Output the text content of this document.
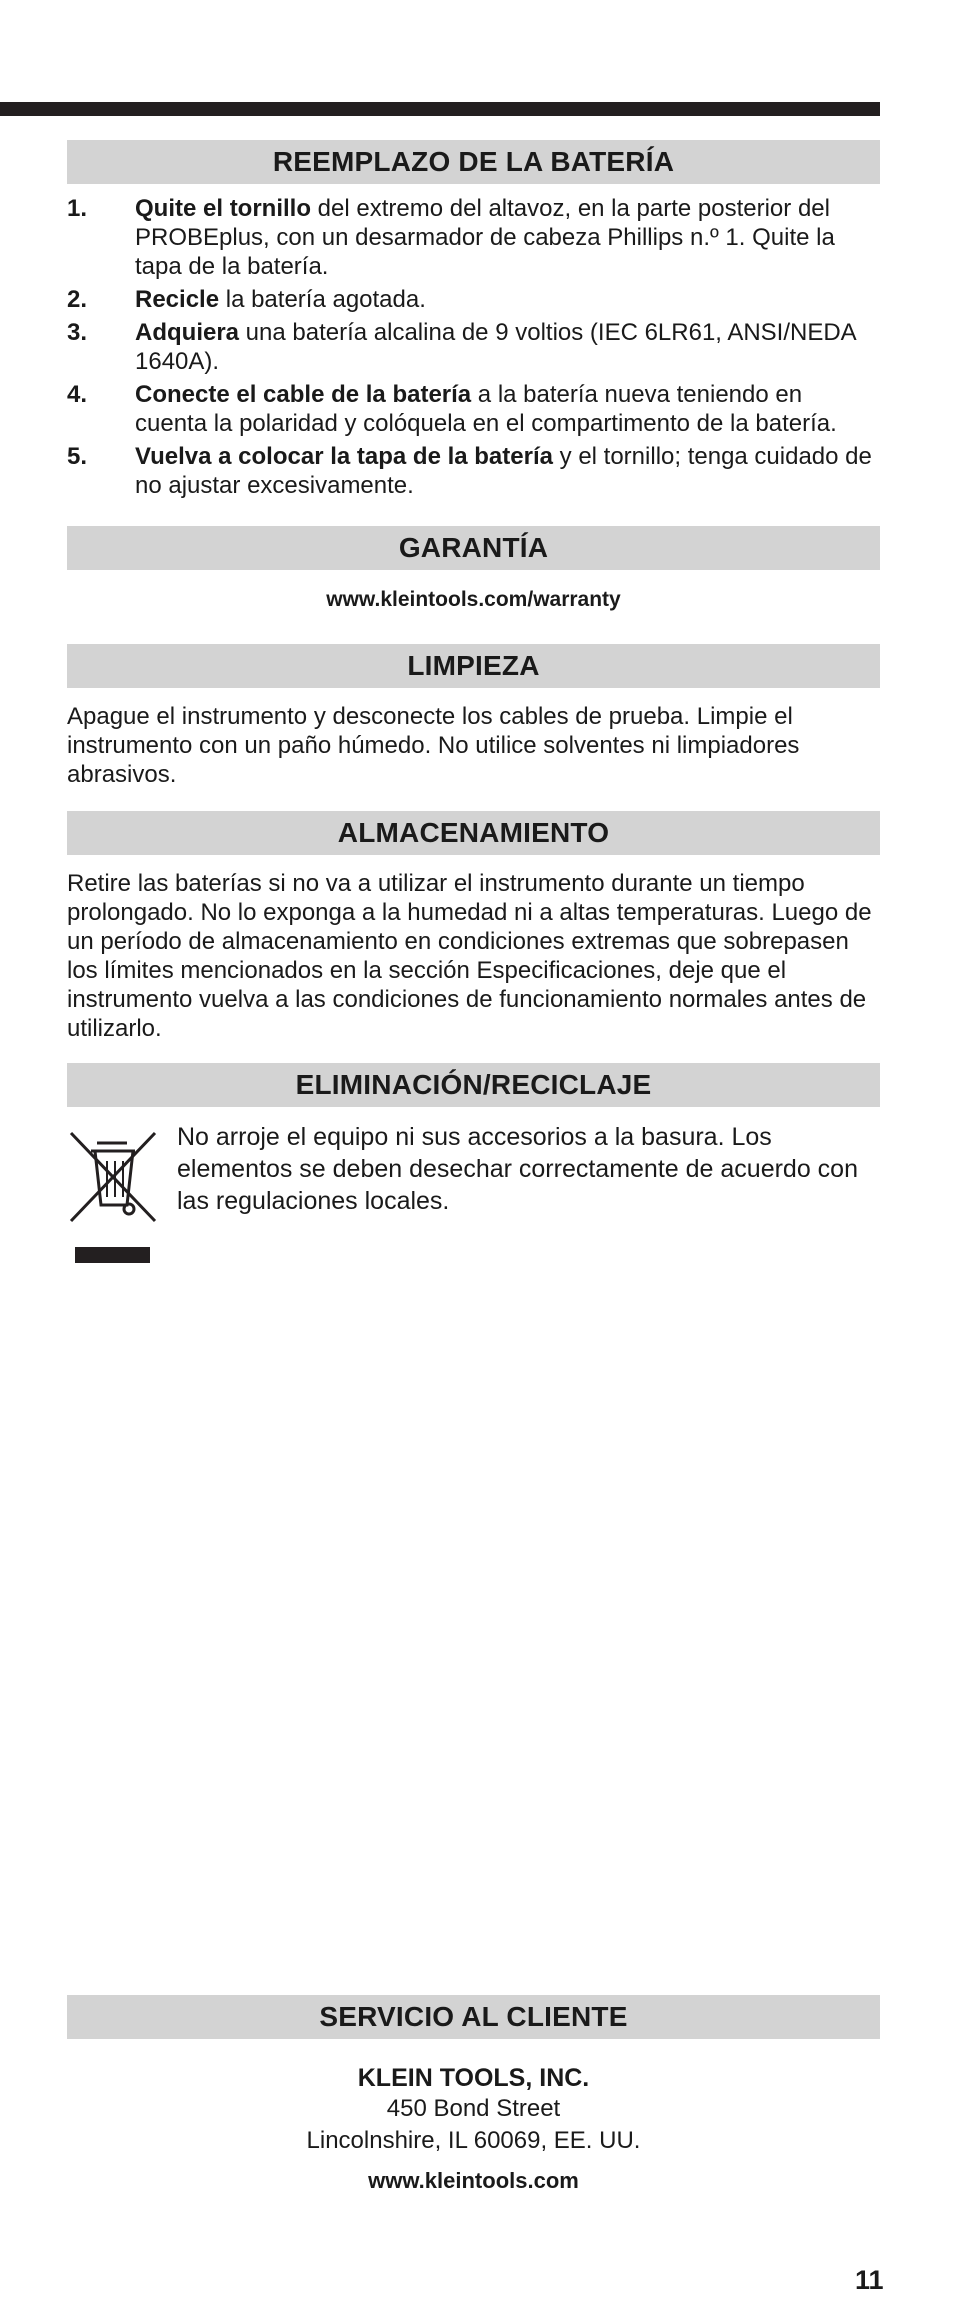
REEMPLAZO DE LA BATERÍA
1. Quite el tornillo del extremo del altavoz, en la parte posterior del PROBEplus, con un desarmador de cabeza Phillips n.º 1. Quite la tapa de la batería.
2. Recicle la batería agotada.
3. Adquiera una batería alcalina de 9 voltios (IEC 6LR61, ANSI/NEDA 1640A).
4. Conecte el cable de la batería a la batería nueva teniendo en cuenta la polaridad y colóquela en el compartimento de la batería.
5. Vuelva a colocar la tapa de la batería y el tornillo; tenga cuidado de no ajustar excesivamente.
GARANTÍA
www.kleintools.com/warranty
LIMPIEZA
Apague el instrumento y desconecte los cables de prueba. Limpie el instrumento con un paño húmedo. No utilice solventes ni limpiadores abrasivos.
ALMACENAMIENTO
Retire las baterías si no va a utilizar el instrumento durante un tiempo prolongado. No lo exponga a la humedad ni a altas temperaturas. Luego de un período de almacenamiento en condiciones extremas que sobrepasen los límites mencionados en la sección Especificaciones, deje que el instrumento vuelva a las condiciones de funcionamiento normales antes de utilizarlo.
ELIMINACIÓN/RECICLAJE
No arroje el equipo ni sus accesorios a la basura. Los elementos se deben desechar correctamente de acuerdo con las regulaciones locales.
SERVICIO AL CLIENTE
KLEIN TOOLS, INC.
450 Bond Street
Lincolnshire, IL 60069, EE. UU.
www.kleintools.com
11
